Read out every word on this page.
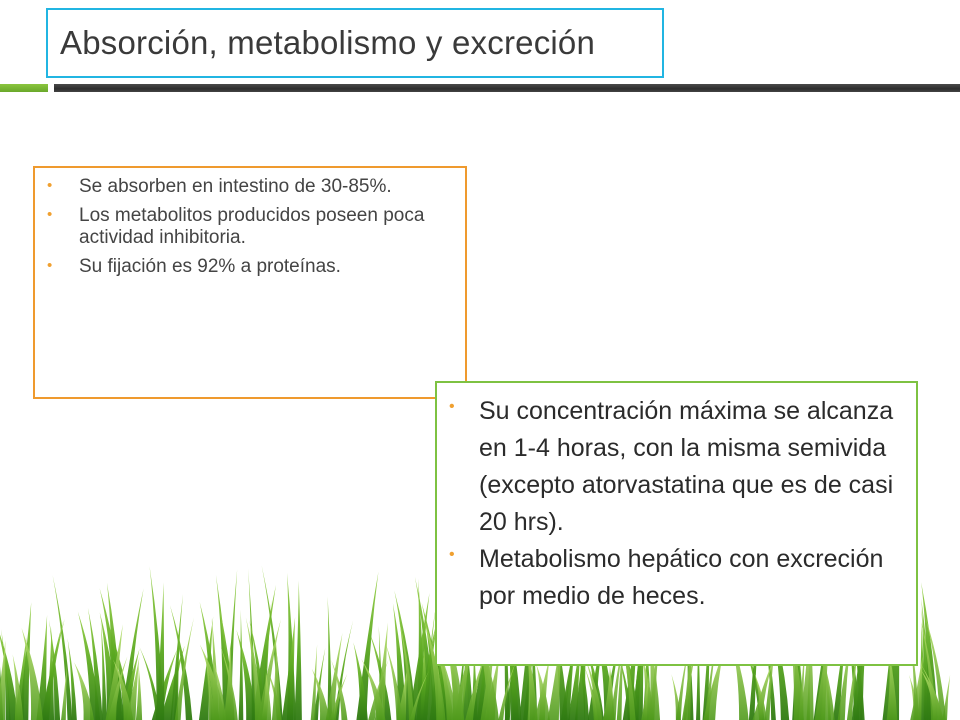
Absorción, metabolismo y excreción
• Se absorben en intestino de 30-85%.
• Los metabolitos producidos poseen poca actividad inhibitoria.
• Su fijación es 92% a proteínas.
• Su concentración máxima se alcanza en 1-4 horas, con la misma semivida (excepto atorvastatina que es de casi 20 hrs).
• Metabolismo hepático con excreción por medio de heces.
